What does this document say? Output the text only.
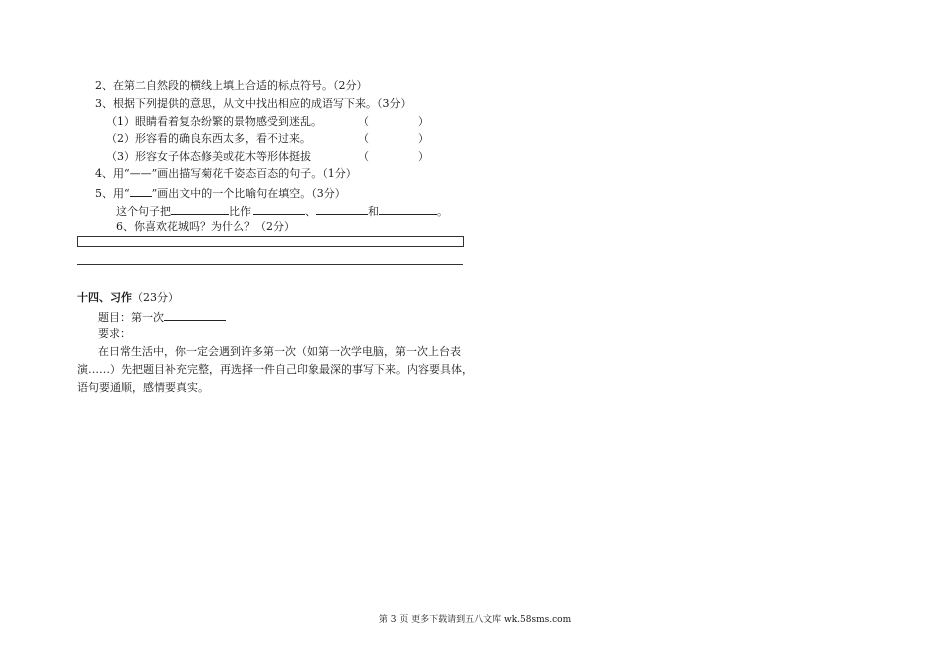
2、在第二自然段的横线上填上合适的标点符号。（2分）
3、根据下列提供的意思，从文中找出相应的成语写下来。（3分）
（1）眼睛看着复杂纷繁的景物感受到迷乱。	（	）
（2）形容看的确良东西太多，看不过来。	（	）
（3）形容女子体态修美或花木等形体挺拔	（	）
4、用“——”画出描写菊花千姿态百态的句子。（1分）
5、用“ ”画出文中的一个比喻句在填空。（3分）
这个句子把	比作	、	和	。
6、你喜欢花城吗？为什么？（2分）
十四、习作（23分）
题目：第一次
要求：
在日常生活中，你一定会遇到许多第一次（如第一次学电脑，第一次上台表
演……）先把题目补充完整，再选择一件自己印象最深的事写下来。内容要具体，
语句要通顺，感情要真实。
第 3 页 更多下载请到五八文库 wk.58sms.com
